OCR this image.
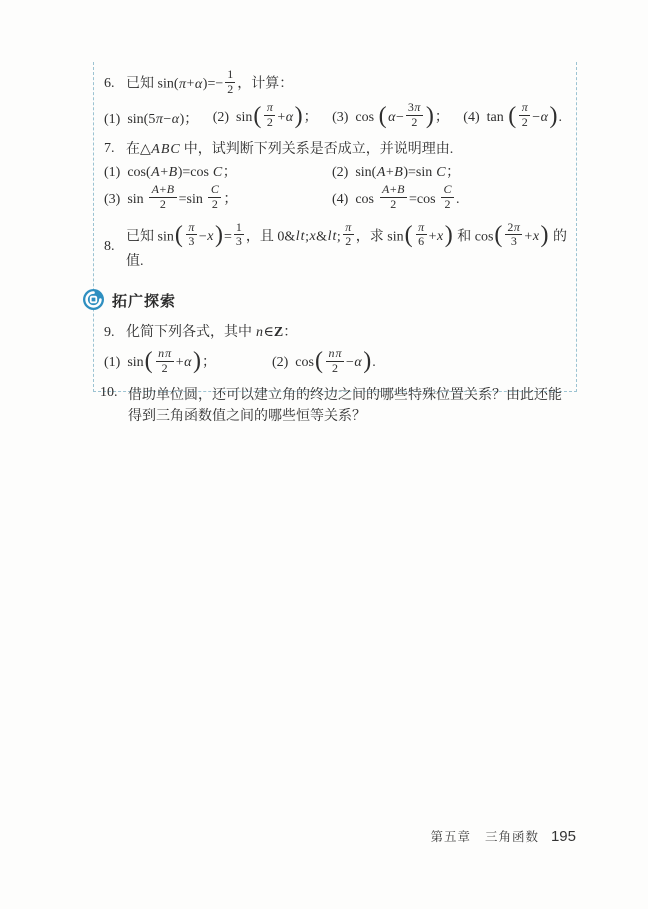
6. 已知 $\sin(\pi+\alpha)=- \frac{1}{2}$ ，计算：
(1) sin(5π−α)； (2) $\sin( \frac{\pi}{2} +\alpha)$； (3) cos ( $\alpha- \frac{3\pi}{2}$ )； (4) tan ( $\frac{\pi}{2} -\alpha$).
7. 在△ABC 中，试判断下列关系是否成立，并说明理由.
(1) cos(A+B)=cos C；	(2) sin(A+B)=sin C；
(3) $\sin \frac{A+B}{2} =\sin \frac{C}{2}$ ；	(4) $\cos \frac{A+B}{2} =\cos \frac{C}{2}$ .
8.
已知 $\sin( \frac{\pi}{3} -x)= \frac{1}{3}$ ，且 0&lt;x&lt; $\frac{\pi}{2}$ ，求 $\sin( \frac{\pi}{6} +x)$ 和 $\cos( \frac{2\pi}{3} +x)$ 的值.
拓广探索
9. 化简下列各式，其中 n∈Z：
(1) $\sin( \frac{n\pi}{2} +\alpha)$；	(2) $\cos( \frac{n\pi}{2} -\alpha)$.
10. 借助单位圆，还可以建立角的终边之间的哪些特殊位置关系？由此还能得到三角函数值之间的哪些恒等关系？
第五章 三角函数 195
